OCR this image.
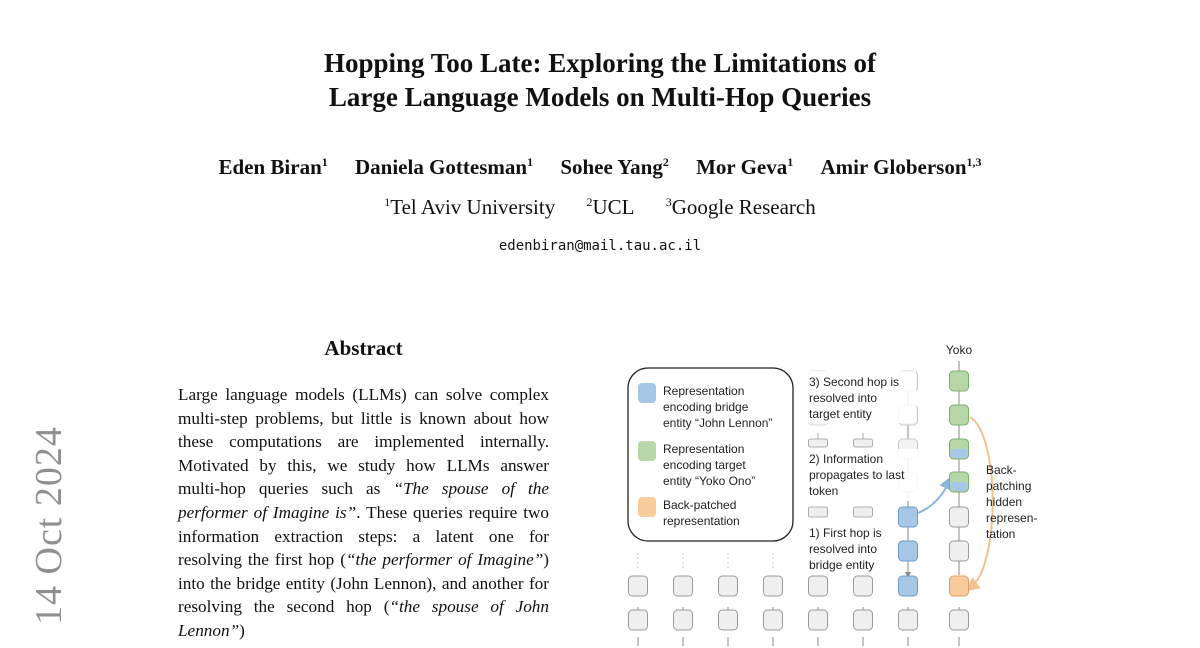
14 Oct 2024
Hopping Too Late: Exploring the Limitations of
Large Language Models on Multi-Hop Queries
Eden Biran$^1$ Daniela Gottesman$^1$ Sohee Yang$^2$ Mor Geva$^1$ Amir Globerson$^{1,3}$
$^1$Tel Aviv University	$^2$UCL	$^3$Google Research
edenbiran@mail.tau.ac.il
Abstract
Large language models (LLMs) can solve complex multi-step problems, but little is known about how these computations are implemented internally. Motivated by this, we study how LLMs answer multi-hop queries such as “The spouse of the performer of Imagine is”. These queries require two information extraction steps: a latent one for resolving the first hop (“the performer of Imagine”) into the bridge entity (John Lennon), and another for resolving the second hop (“the spouse of John Lennon”)
Representation
encoding bridge
entity “John Lennon”
Representation
encoding target
entity “Yoko Ono”
Back-patched
representation
Yoko
3) Second hop is
resolved into
target entity
2) Information
propagates to last
token
1) First hop is
resolved into
bridge entity
Back-
patching
hidden
represen-
tation
